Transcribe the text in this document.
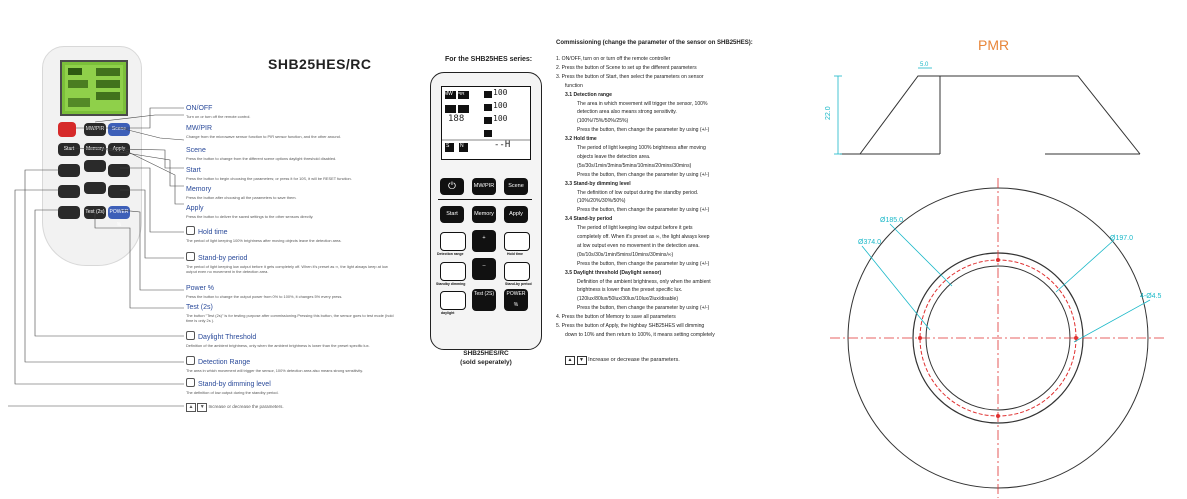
SHB25HES/RC
MW/PIR	Scene
Start	Memory	Apply
Test (2s) POWER %

ON/OFF

Turn on or turn off the remote control.

MW/PIR

Change from the microwave sensor function to PIR sensor function, and the other around.

Scene

Press the button to change from the different scene options daylight threshold disabled.

Start

Press the button to begin choosing the parameters; or press it for 10S, it will be RESET function.

Memory

Press the button after choosing all the parameters to save them.

Apply

Press the button to deliver the saved settings to the other sensors directly.

Hold time

The period of light keeping 100% brightness after moving objects leave the detection area.

Stand-by period

The period of light keeping low output before it gets completely off. When it's preset as ∞, the light always keep at low output even no movement in the detection area.

Power %

Press the button to change the output power from 0% to 100%, it changes 5% every press.

Test (2s)

The button "Test (2s)" is for testing purpose after commissioning.Pressing this button, the sensor goes to test mode (hold time is only 2s ).

Daylight Threshold

Definition of the ambient brightness, only when the ambient brightness is lower than the preset specific lux.

Detection Range

The area in which movement will trigger the sensor, 100% detection area also means strong sensitivity.

Stand-by dimming level

The definition of low output during the standby period.

▲ ▼ Increase or decrease the parameters.
For the SHB25HES series:
MW PIR
188
100
100
100
S N	--H
⏻	MW/PIR	Scene
Start	Memory	Apply
+
Detection range	Hold time
–
Standby dimming	Stand-by period
Test (2S)	POWER %
daylight
SHB25HES/RC
(sold seperately)
Commissioning (change the parameter of the sensor on SHB25HES):
1. ON/OFF, turn on or turn off the remote controller
2. Press the button of Scene to set up the different parameters
3. Press the button of Start, then select the parameters on sensor
function
3.1 Detection range
The area in which movement will trigger the sensor, 100%
detection area also means strong sensitivity.
(100%/75%/50%/25%)
Press the button, then change the parameter by using (+/-)
3.2 Hold time
The period of light keeping 100% brightness after moving
objects leave the detection area.
(5s/30s/1min/3mins/5mins/10mins/20mins/30mins)
Press the button, then change the parameter by using (+/-)
3.3 Stand-by dimming level
The definition of low output during the standby period.
(10%/20%/30%/50%)
Press the button, then change the parameter by using (+/-)
3.4 Stand-by period
The period of light keeping low output before it gets
completely off. When it's preset as ∞, the light always keep
at low output even no movement in the detection area.
(0s/10s/30s/1min/5mins/10mins/30mins/∞)
Press the button, then change the parameter by using (+/-)
3.5 Daylight threshold (Daylight sensor)
Definition of the ambient brightness, only when the ambient
brightness is lower than the preset specific lux.
(120lux/80lux/50lux/30lux/10lux/2lux/disable)
Press the button, then change the parameter by using (+/-)
4. Press the button of Memory to save all parameters
5. Press the button of Apply, the highbay SHB25HES will dimming
down to 10% and then return to 100%, it means setting completely
▲ ▼ Increase or decrease the parameters.
PMR
22.0
5.0
Ø185.0
Ø374.0
Ø197.0
4-Ø4.5
